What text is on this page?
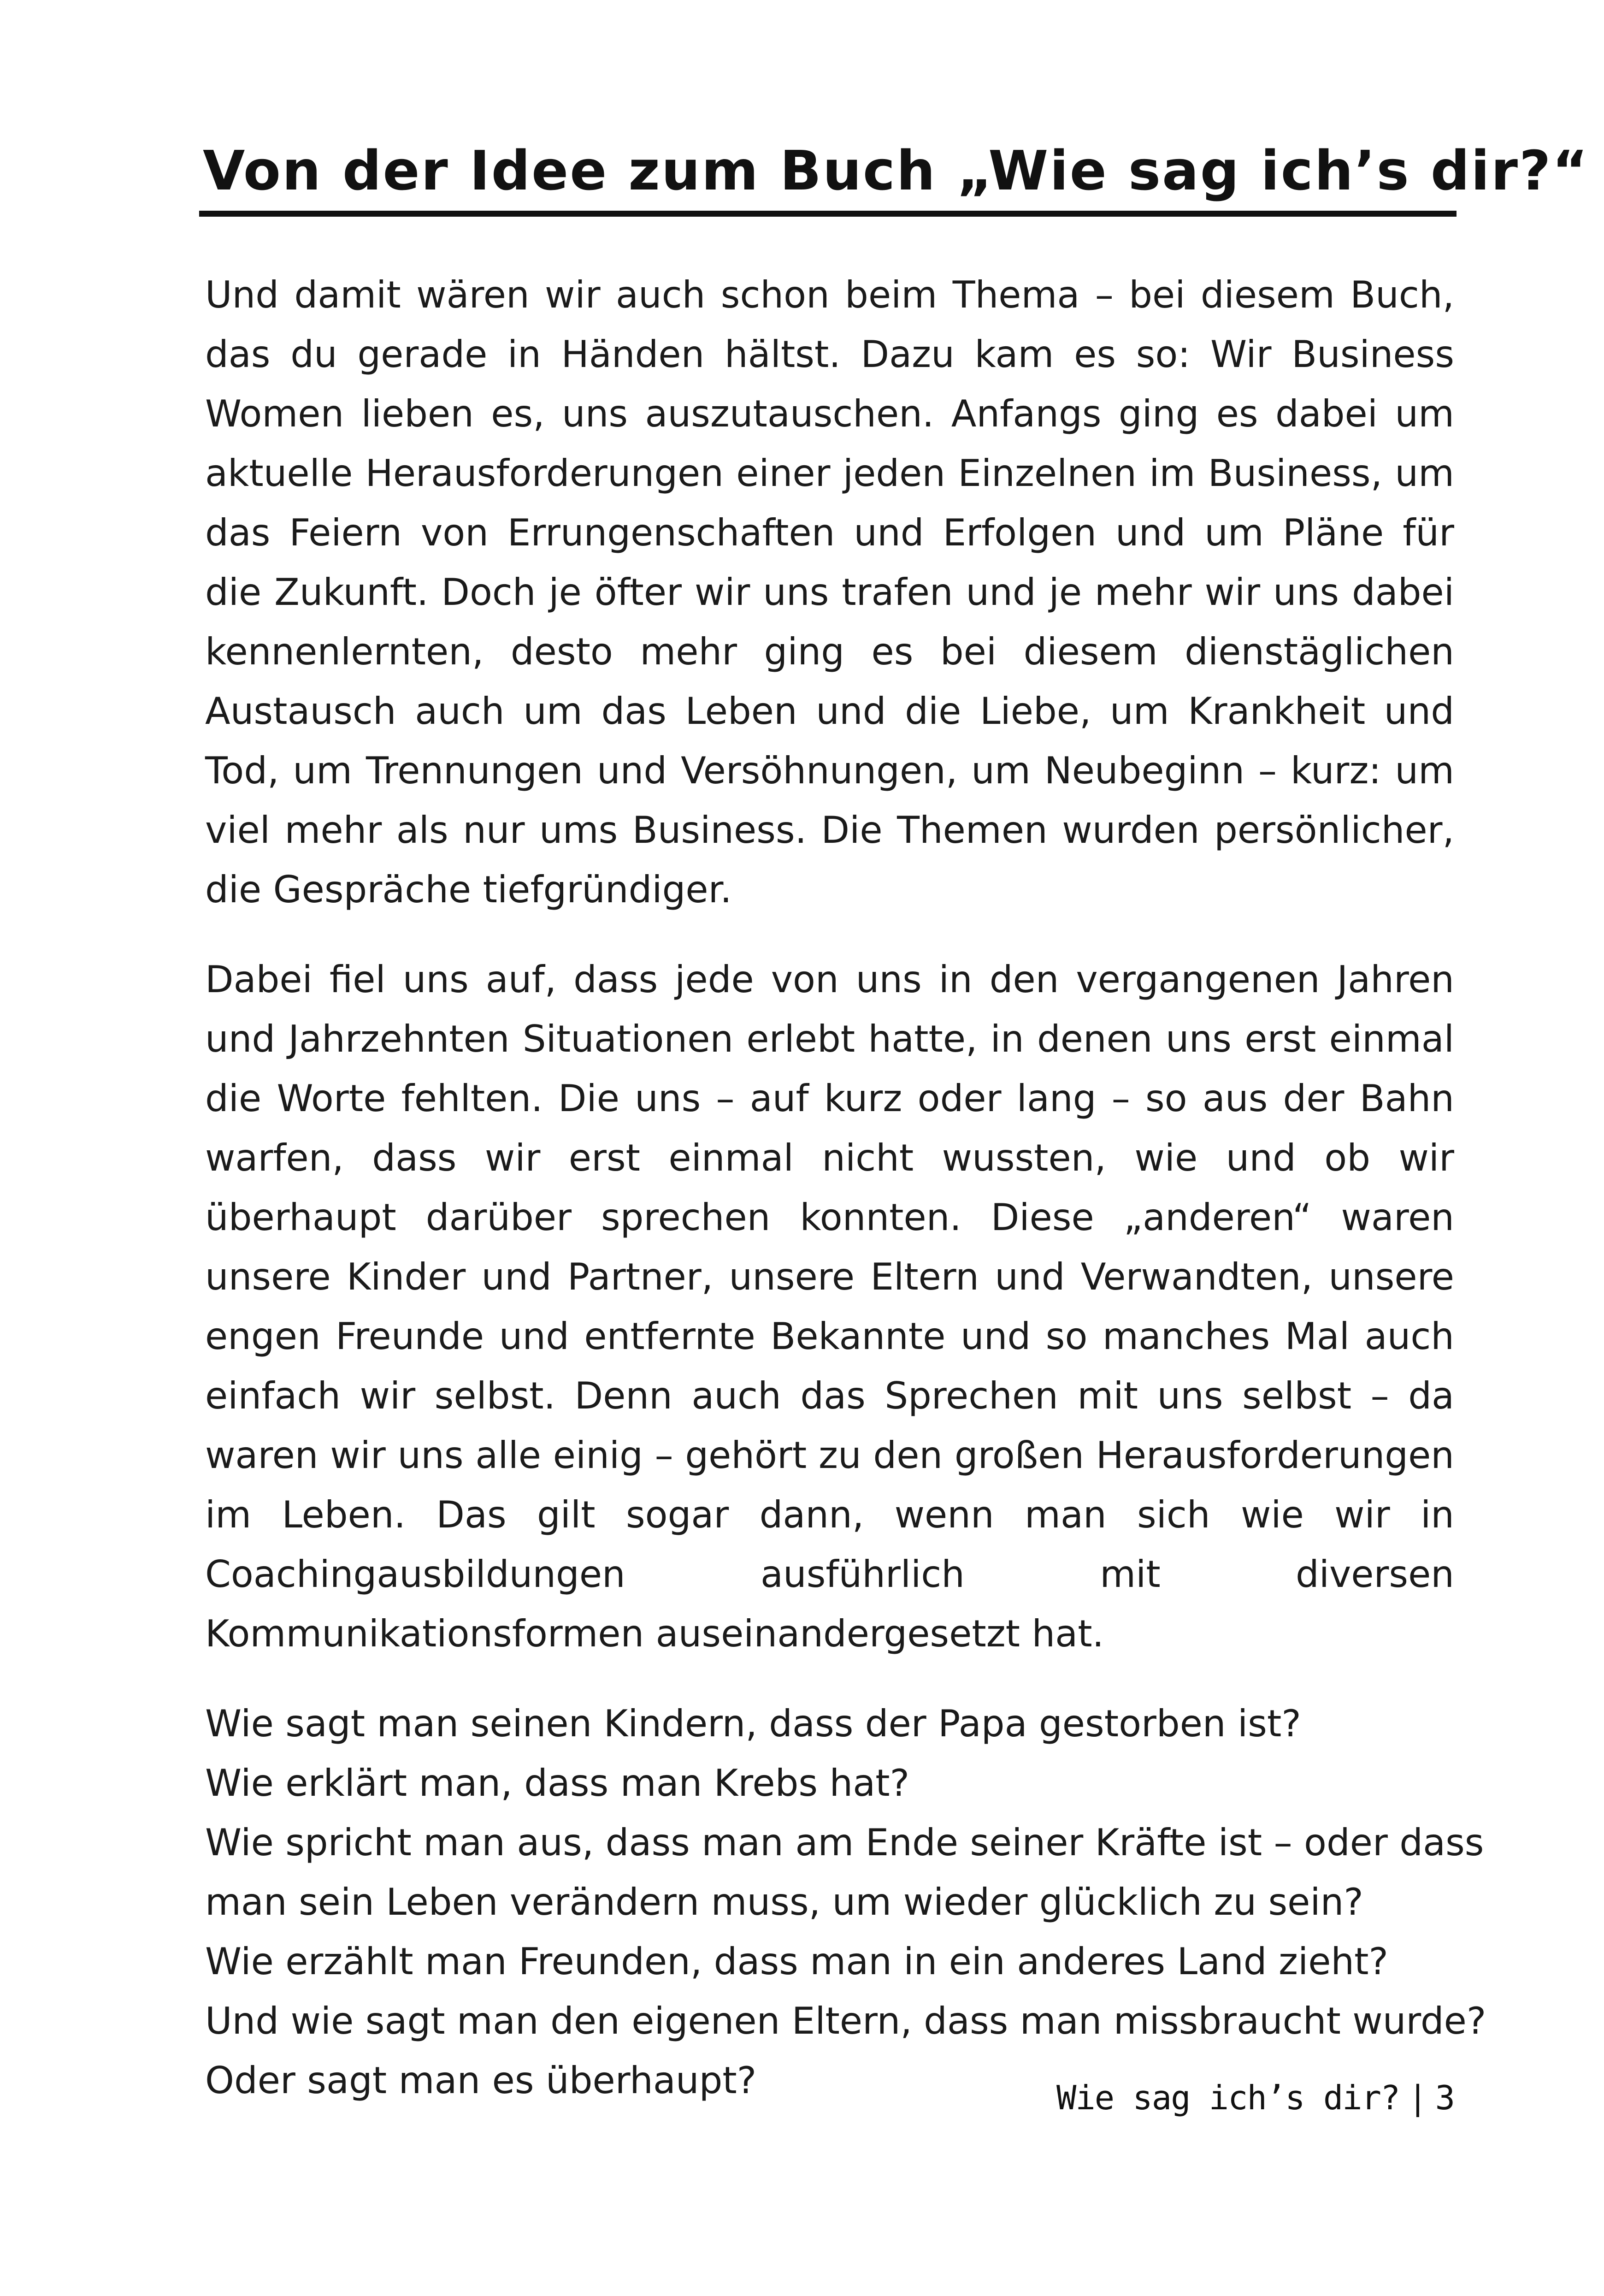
Von der Idee zum Buch „Wie sag ich’s dir?“

Und damit wären wir auch schon beim Thema – bei diesem Buch, das du gerade in Händen hältst. Dazu kam es so: Wir Business Women lieben es, uns auszutauschen. Anfangs ging es dabei um aktuelle Herausforderungen einer jeden Einzelnen im Business, um das Feiern von Errungenschaften und Erfolgen und um Pläne für die Zukunft. Doch je öfter wir uns trafen und je mehr wir uns dabei kennenlernten, desto mehr ging es bei diesem dienstäglichen Austausch auch um das Leben und die Liebe, um Krankheit und Tod, um Trennungen und Versöhnungen, um Neubeginn – kurz: um viel mehr als nur ums Business. Die Themen wurden persönlicher, die Gespräche tiefgründiger.

Dabei fiel uns auf, dass jede von uns in den vergangenen Jahren und Jahrzehnten Situationen erlebt hatte, in denen uns erst einmal die Worte fehlten. Die uns – auf kurz oder lang – so aus der Bahn warfen, dass wir erst einmal nicht wussten, wie und ob wir überhaupt darüber sprechen konnten. Diese „anderen“ waren unsere Kinder und Partner, unsere Eltern und Verwandten, unsere engen Freunde und entfernte Bekannte und so manches Mal auch einfach wir selbst. Denn auch das Sprechen mit uns selbst – da waren wir uns alle einig – gehört zu den großen Herausforderungen im Leben. Das gilt sogar dann, wenn man sich wie wir in Coachingausbildungen ausführlich mit diversen Kommunikationsformen auseinandergesetzt hat.

Wie sagt man seinen Kindern, dass der Papa gestorben ist?
Wie erklärt man, dass man Krebs hat?
Wie spricht man aus, dass man am Ende seiner Kräfte ist – oder dass
man sein Leben verändern muss, um wieder glücklich zu sein?
Wie erzählt man Freunden, dass man in ein anderes Land zieht?
Und wie sagt man den eigenen Eltern, dass man missbraucht wurde?
Oder sagt man es überhaupt?	Wie sag ich’s dir? | 3
